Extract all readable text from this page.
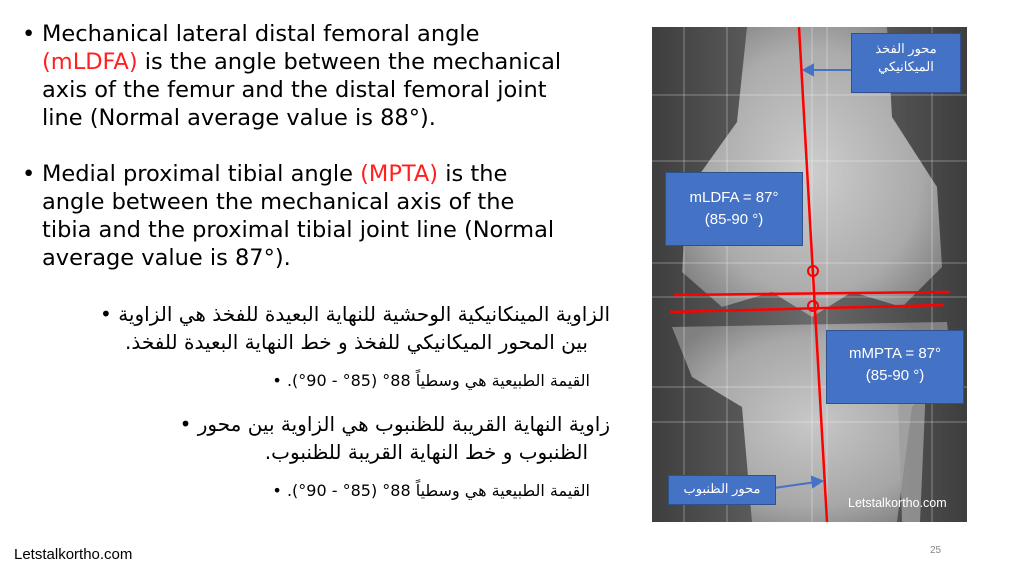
• Mechanical lateral distal femoral angle
(mLDFA) is the angle between the mechanical
axis of the femur and the distal femoral joint
line (Normal average value is 88°).
• Medial proximal tibial angle (MPTA) is the
angle between the mechanical axis of the
tibia and the proximal tibial joint line (Normal
average value is 87°).
الزاوية المينكانيكية الوحشية للنهاية البعيدة للفخذ هي الزاوية •
بين المحور الميكانيكي للفخذ و خط النهاية البعيدة للفخذ.
القيمة الطبيعية هي وسطياً 88° (85° - 90°). •
زاوية النهاية القريبة للظنبوب هي الزاوية بين محور •
الظنبوب و خط النهاية القريبة للظنبوب.
القيمة الطبيعية هي وسطياً 88° (85° - 90°). •
محور الفخذ
الميكانيكي
mLDFA = 87°
(85-90 °)
mMPTA = 87°
(85-90 °)
محور الظنبوب
Letstalkortho.com
Letstalkortho.com	25
